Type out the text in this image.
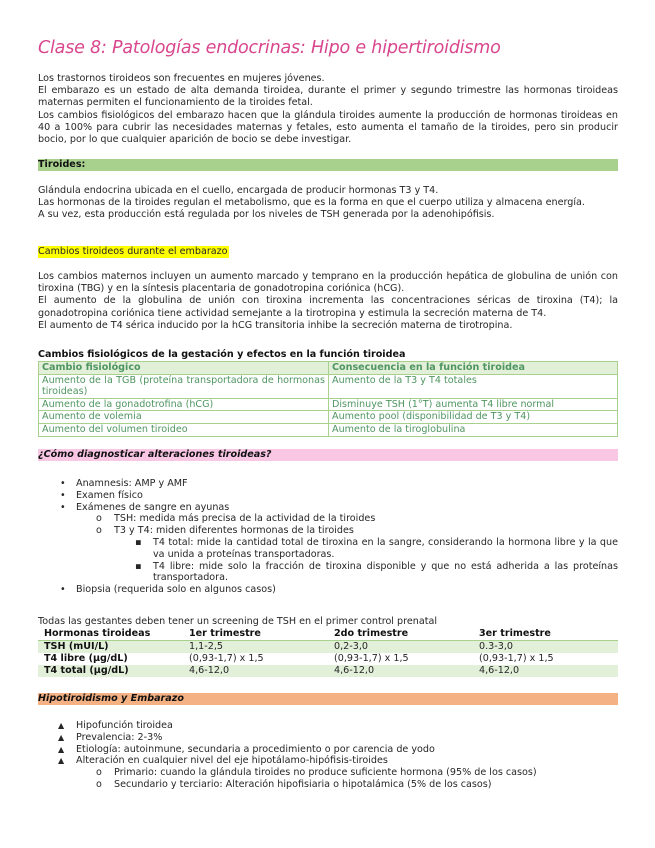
Clase 8: Patologías endocrinas: Hipo e hipertiroidismo

Los trastornos tiroideos son frecuentes en mujeres jóvenes.

El embarazo es un estado de alta demanda tiroidea, durante el primer y segundo trimestre las hormonas tiroideas maternas permiten el funcionamiento de la tiroides fetal.

Los cambios fisiológicos del embarazo hacen que la glándula tiroides aumente la producción de hormonas tiroideas en 40 a 100% para cubrir las necesidades maternas y fetales, esto aumenta el tamaño de la tiroides, pero sin producir bocio, por lo que cualquier aparición de bocio se debe investigar.

Tiroides:

Glándula endocrina ubicada en el cuello, encargada de producir hormonas T3 y T4.

Las hormonas de la tiroides regulan el metabolismo, que es la forma en que el cuerpo utiliza y almacena energía.

A su vez, esta producción está regulada por los niveles de TSH generada por la adenohipófisis.

Cambios tiroideos durante el embarazo

Los cambios maternos incluyen un aumento marcado y temprano en la producción hepática de globulina de unión con tiroxina (TBG) y en la síntesis placentaria de gonadotropina coriónica (hCG).

El aumento de la globulina de unión con tiroxina incrementa las concentraciones séricas de tiroxina (T4); la gonadotropina coriónica tiene actividad semejante a la tirotropina y estimula la secreción materna de T4.

El aumento de T4 sérica inducido por la hCG transitoria inhibe la secreción materna de tirotropina.

Cambios fisiológicos de la gestación y efectos en la función tiroidea
Cambio fisiológico	Consecuencia en la función tiroidea
Aumento de la TGB (proteína transportadora de hormonas tiroideas)	Aumento de la T3 y T4 totales
Aumento de la gonadotrofina (hCG)	Disminuye TSH (1°T) aumenta T4 libre normal
Aumento de volemia	Aumento pool (disponibilidad de T3 y T4)
Aumento del volumen tiroideo	Aumento de la tiroglobulina
¿Cómo diagnosticar alteraciones tiroideas?
• Anamnesis: AMP y AMF
• Examen físico
• Exámenes de sangre en ayunas
o TSH: medida más precisa de la actividad de la tiroides
o T3 y T4: miden diferentes hormonas de la tiroides
▪ T4 total: mide la cantidad total de tiroxina en la sangre, considerando la hormona libre y la que va unida a proteínas transportadoras.
▪ T4 libre: mide solo la fracción de tiroxina disponible y que no está adherida a las proteínas transportadora.
• Biopsia (requerida solo en algunos casos)
Todas las gestantes deben tener un screening de TSH en el primer control prenatal
Hormonas tiroideas	1er trimestre	2do trimestre	3er trimestre
TSH (mUI/L)	1,1-2,5	0,2-3,0	0.3-3,0
T4 libre (µg/dL)	(0,93-1,7) x 1,5	(0,93-1,7) x 1,5	(0,93-1,7) x 1,5
T4 total (µg/dL)	4,6-12,0	4,6-12,0	4,6-12,0
Hipotiroidismo y Embarazo
▲ Hipofunción tiroidea
▲ Prevalencia: 2-3%
▲ Etiología: autoinmune, secundaria a procedimiento o por carencia de yodo
▲ Alteración en cualquier nivel del eje hipotálamo-hipófisis-tiroides
o Primario: cuando la glándula tiroides no produce suficiente hormona (95% de los casos)
o Secundario y terciario: Alteración hipofisiaria o hipotalámica (5% de los casos)
